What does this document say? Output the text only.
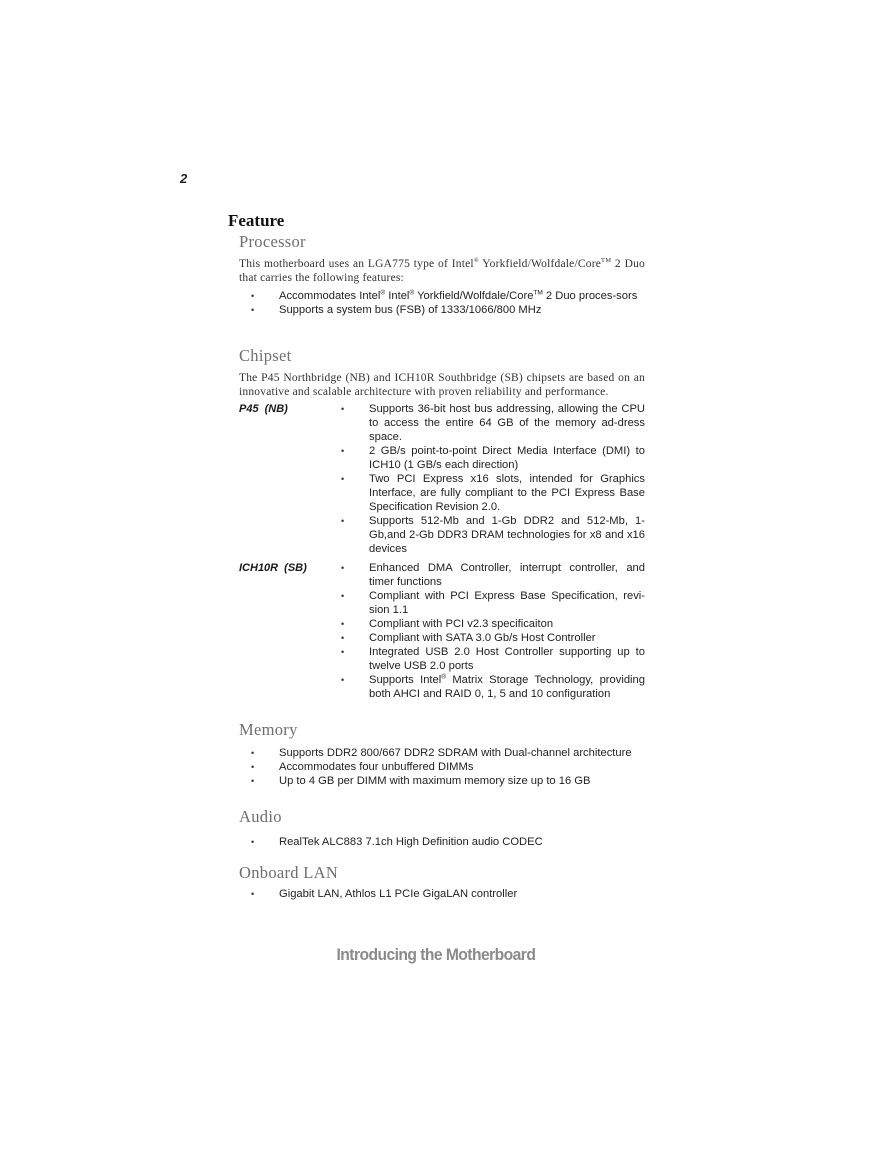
2
Feature
Processor
This motherboard uses an LGA775 type of Intel® Yorkfield/Wolfdale/Core™ 2 Duo that carries the following features:
• Accommodates Intel® Intel® Yorkfield/Wolfdale/Core™ 2 Duo proces-sors
• Supports a system bus (FSB) of 1333/1066/800 MHz
Chipset
The P45 Northbridge (NB) and ICH10R Southbridge (SB) chipsets are based on an innovative and scalable architecture with proven reliability and performance.
P45 (NB)	• Supports 36-bit host bus addressing, allowing the CPU to access the entire 64 GB of the memory ad-dress space.
• 2 GB/s point-to-point Direct Media Interface (DMI) to ICH10 (1 GB/s each direction)
• Two PCI Express x16 slots, intended for Graphics Interface, are fully compliant to the PCI Express Base Specification Revision 2.0.
• Supports 512-Mb and 1-Gb DDR2 and 512-Mb, 1-Gb,and 2-Gb DDR3 DRAM technologies for x8 and x16 devices
ICH10R (SB)	• Enhanced DMA Controller, interrupt controller, and timer functions
• Compliant with PCI Express Base Specification, revi-sion 1.1
• Compliant with PCI v2.3 specificaiton
• Compliant with SATA 3.0 Gb/s Host Controller
• Integrated USB 2.0 Host Controller supporting up to twelve USB 2.0 ports
• Supports Intel® Matrix Storage Technology, providing both AHCI and RAID 0, 1, 5 and 10 configuration
Memory
• Supports DDR2 800/667 DDR2 SDRAM with Dual-channel architecture
• Accommodates four unbuffered DIMMs
• Up to 4 GB per DIMM with maximum memory size up to 16 GB
Audio
• RealTek ALC883 7.1ch High Definition audio CODEC
Onboard LAN
• Gigabit LAN, Athlos L1 PCIe GigaLAN controller
Introducing the Motherboard
